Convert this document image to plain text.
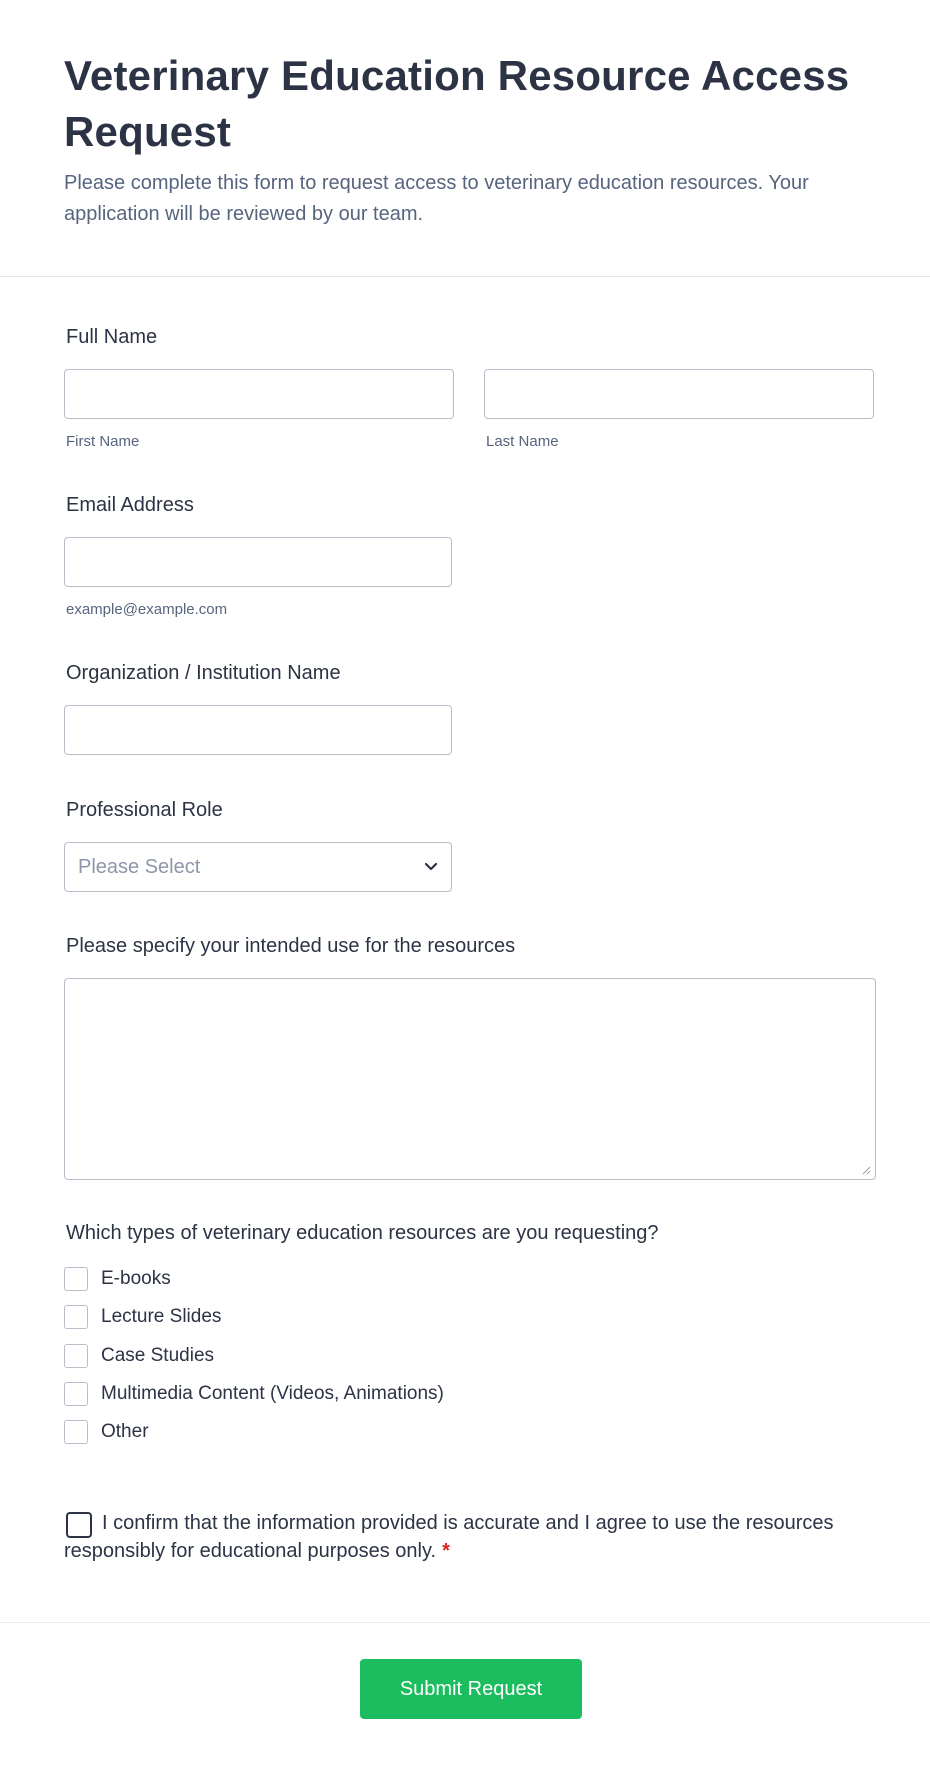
Veterinary Education Resource Access Request
Please complete this form to request access to veterinary education resources. Your application will be reviewed by our team.
Full Name
First Name	Last Name
Email Address
example@example.com
Organization / Institution Name
Professional Role
Please Select
Please specify your intended use for the resources
Which types of veterinary education resources are you requesting?
E-books
Lecture Slides
Case Studies
Multimedia Content (Videos, Animations)
Other
I confirm that the information provided is accurate and I agree to use the resources responsibly for educational purposes only. *
Submit Request
